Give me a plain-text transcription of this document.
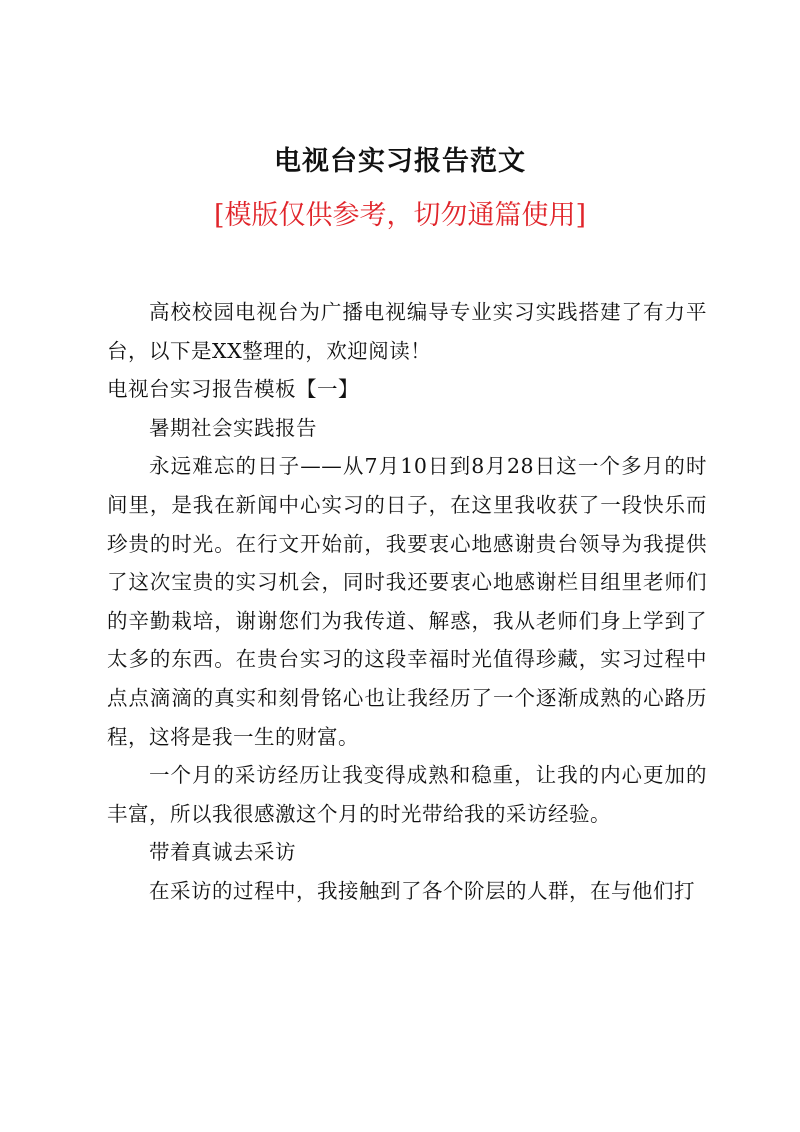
电视台实习报告范文
[模版仅供参考，切勿通篇使用]

高校校园电视台为广播电视编导专业实习实践搭建了有力平台，以下是XX整理的，欢迎阅读！

电视台实习报告模板【一】

暑期社会实践报告

永远难忘的日子——从7月10日到8月28日这一个多月的时间里，是我在新闻中心实习的日子，在这里我收获了一段快乐而珍贵的时光。在行文开始前，我要衷心地感谢贵台领导为我提供了这次宝贵的实习机会，同时我还要衷心地感谢栏目组里老师们的辛勤栽培，谢谢您们为我传道、解惑，我从老师们身上学到了太多的东西。在贵台实习的这段幸福时光值得珍藏，实习过程中点点滴滴的真实和刻骨铭心也让我经历了一个逐渐成熟的心路历程，这将是我一生的财富。

一个月的采访经历让我变得成熟和稳重，让我的内心更加的丰富，所以我很感激这个月的时光带给我的采访经验。

带着真诚去采访

在采访的过程中，我接触到了各个阶层的人群，在与他们打
